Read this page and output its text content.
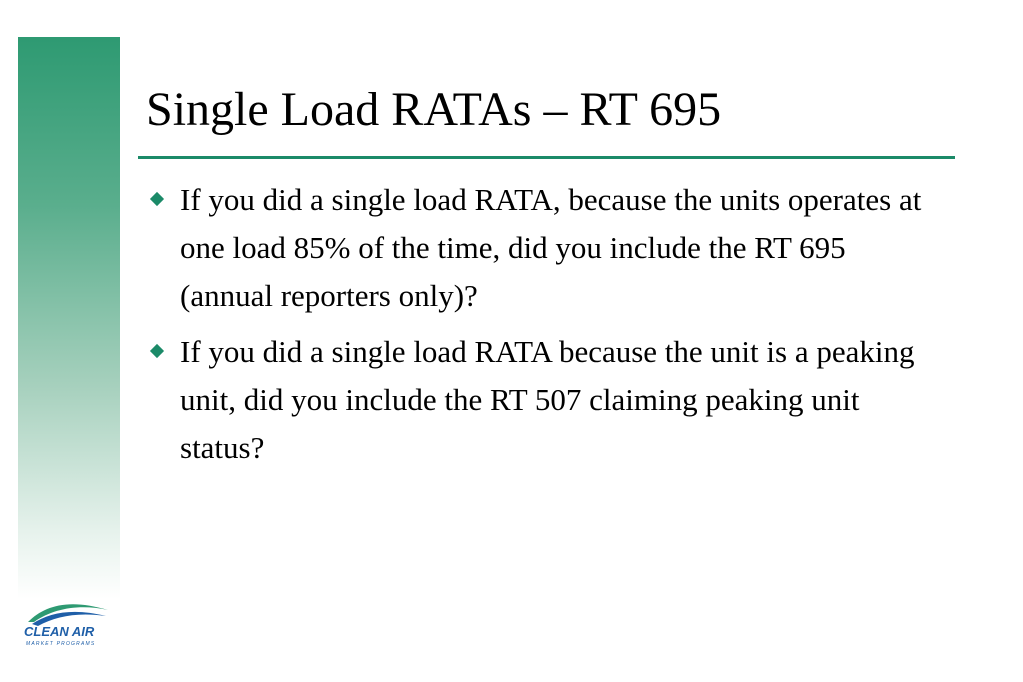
Single Load RATAs – RT 695
If you did a single load RATA, because the units operates at one load 85% of the time, did you include the RT 695 (annual reporters only)?
If you did a single load RATA because the unit is a peaking unit, did you include the RT 507 claiming peaking unit status?
CLEAN AIR
MARKET PROGRAMS
